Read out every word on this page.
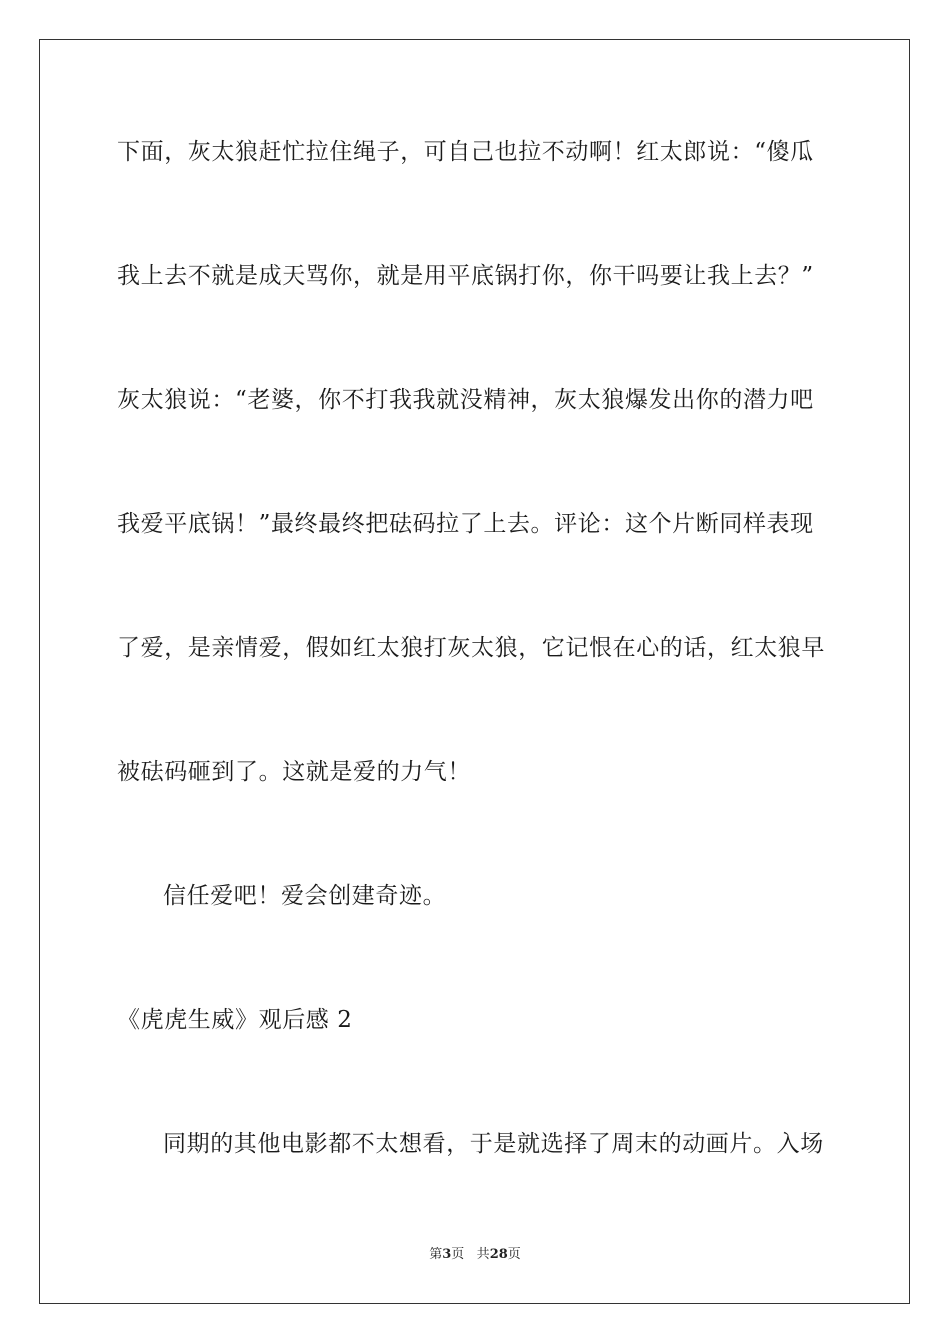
下面，灰太狼赶忙拉住绳子，可自己也拉不动啊！红太郎说：“傻瓜
我上去不就是成天骂你，就是用平底锅打你，你干吗要让我上去？”
灰太狼说：“老婆，你不打我我就没精神，灰太狼爆发出你的潜力吧
我爱平底锅！”最终最终把砝码拉了上去。评论：这个片断同样表现
了爱，是亲情爱，假如红太狼打灰太狼，它记恨在心的话，红太狼早
被砝码砸到了。这就是爱的力气！
信任爱吧！爱会创建奇迹。
《虎虎生威》观后感 2
同期的其他电影都不太想看，于是就选择了周末的动画片。入场
第3页 共28页
